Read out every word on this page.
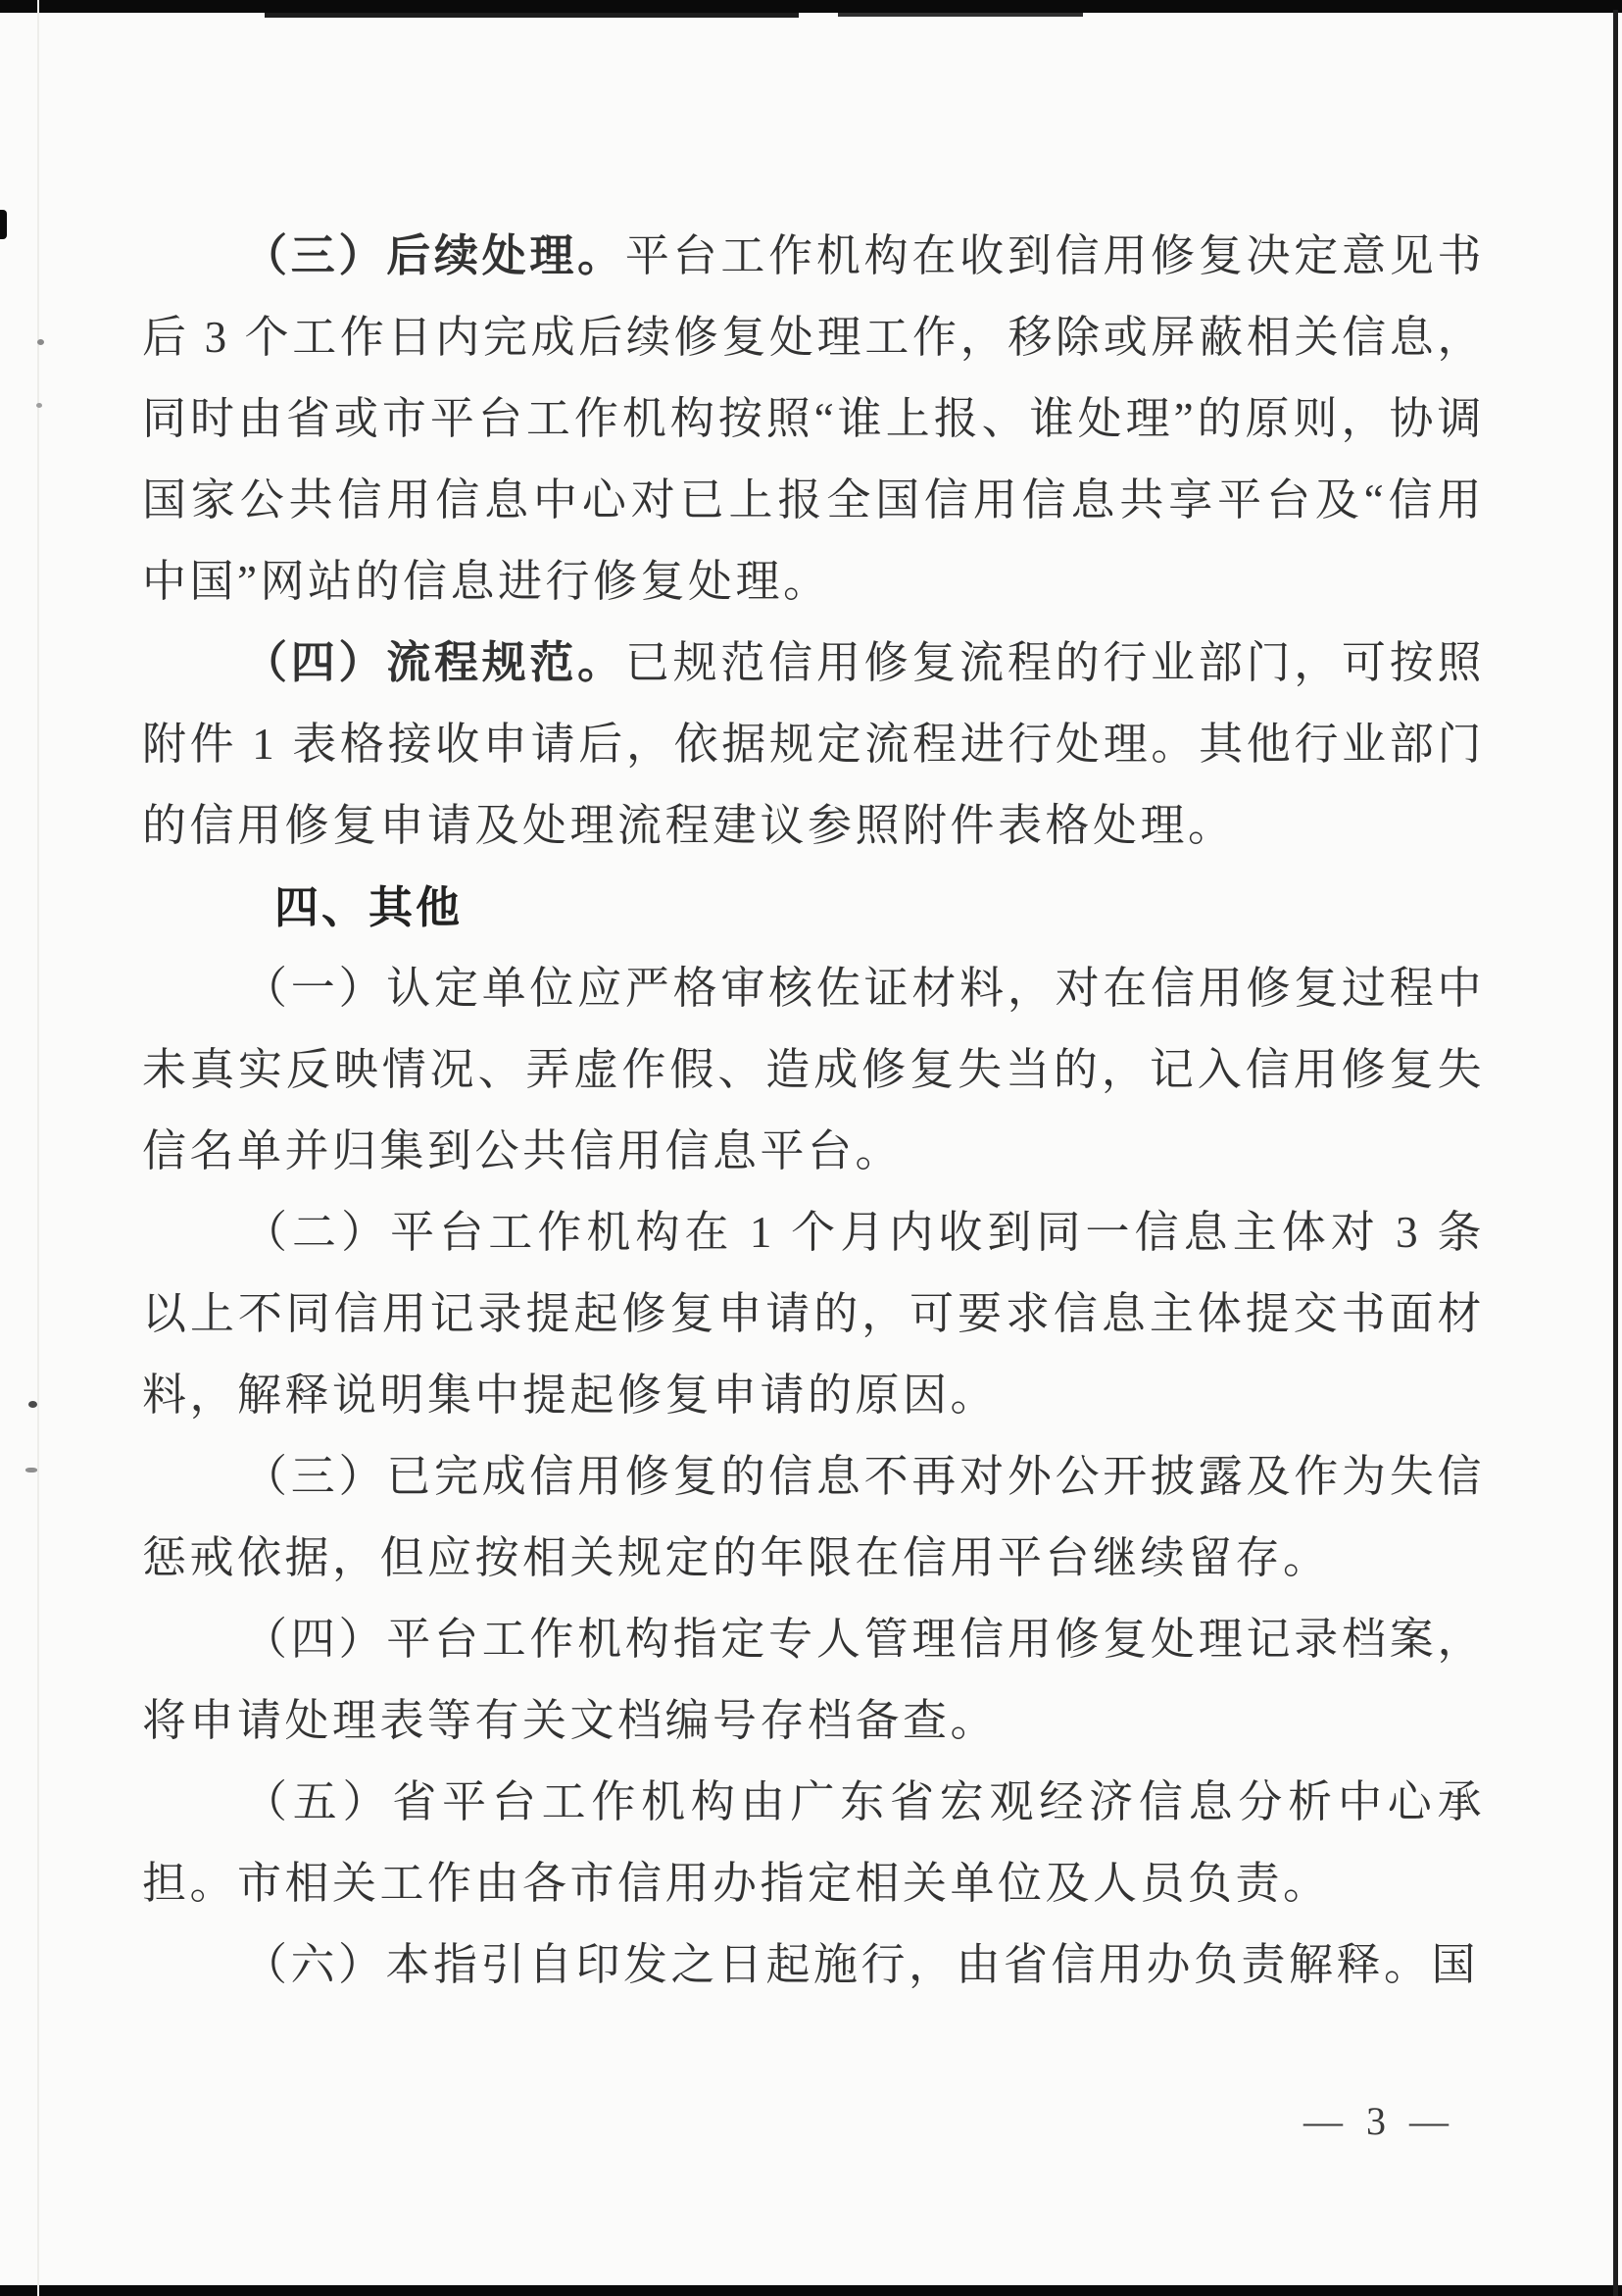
（三）后续处理。平台工作机构在收到信用修复决定意见书后 3 个工作日内完成后续修复处理工作，移除或屏蔽相关信息，同时由省或市平台工作机构按照“谁上报、谁处理”的原则，协调国家公共信用信息中心对已上报全国信用信息共享平台及“信用中国”网站的信息进行修复处理。

（四）流程规范。已规范信用修复流程的行业部门，可按照附件 1 表格接收申请后，依据规定流程进行处理。其他行业部门的信用修复申请及处理流程建议参照附件表格处理。

四、其他

（一）认定单位应严格审核佐证材料，对在信用修复过程中未真实反映情况、弄虚作假、造成修复失当的，记入信用修复失信名单并归集到公共信用信息平台。

（二）平台工作机构在 1 个月内收到同一信息主体对 3 条以上不同信用记录提起修复申请的，可要求信息主体提交书面材料，解释说明集中提起修复申请的原因。

（三）已完成信用修复的信息不再对外公开披露及作为失信惩戒依据，但应按相关规定的年限在信用平台继续留存。

（四）平台工作机构指定专人管理信用修复处理记录档案，将申请处理表等有关文档编号存档备查。

（五）省平台工作机构由广东省宏观经济信息分析中心承担。市相关工作由各市信用办指定相关单位及人员负责。

（六）本指引自印发之日起施行，由省信用办负责解释。国

— 3 —
